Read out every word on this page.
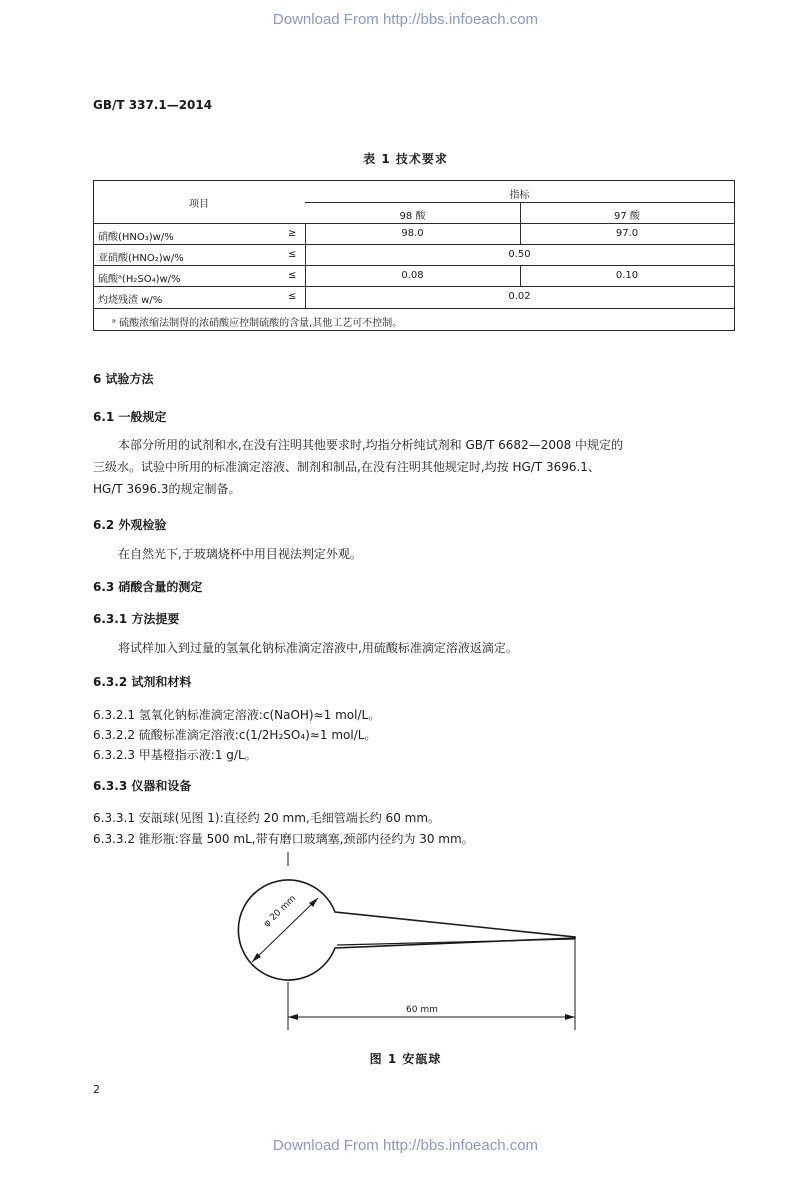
Download From http://bbs.infoeach.com
GB/T 337.1—2014
表 1 技术要求
项目
指标
98 酸	97 酸
硝酸(HNO₃)w/%	≥	98.0	97.0
亚硝酸(HNO₂)w/%	≤	0.50
硫酸ᵃ(H₂SO₄)w/%	≤	0.08	0.10
灼烧残渣 w/%	≤	0.02
ᵃ 硫酸浓缩法制得的浓硝酸应控制硫酸的含量,其他工艺可不控制。
6 试验方法
6.1 一般规定
本部分所用的试剂和水,在没有注明其他要求时,均指分析纯试剂和 GB/T 6682—2008 中规定的
三级水。试验中所用的标准滴定溶液、制剂和制品,在没有注明其他规定时,均按 HG/T 3696.1、
HG/T 3696.3的规定制备。
6.2 外观检验
在自然光下,于玻璃烧杯中用目视法判定外观。
6.3 硝酸含量的测定
6.3.1 方法提要
将试样加入到过量的氢氧化钠标准滴定溶液中,用硫酸标准滴定溶液返滴定。
6.3.2 试剂和材料
6.3.2.1 氢氧化钠标准滴定溶液:c(NaOH)≈1 mol/L。
6.3.2.2 硫酸标准滴定溶液:c(1/2H₂SO₄)≈1 mol/L。
6.3.2.3 甲基橙指示液:1 g/L。
6.3.3 仪器和设备
6.3.3.1 安瓿球(见图 1):直径约 20 mm,毛细管端长约 60 mm。
6.3.3.2 锥形瓶:容量 500 mL,带有磨口玻璃塞,颈部内径约为 30 mm。
φ 20 mm
60 mm
图 1 安瓿球
2
Download From http://bbs.infoeach.com
